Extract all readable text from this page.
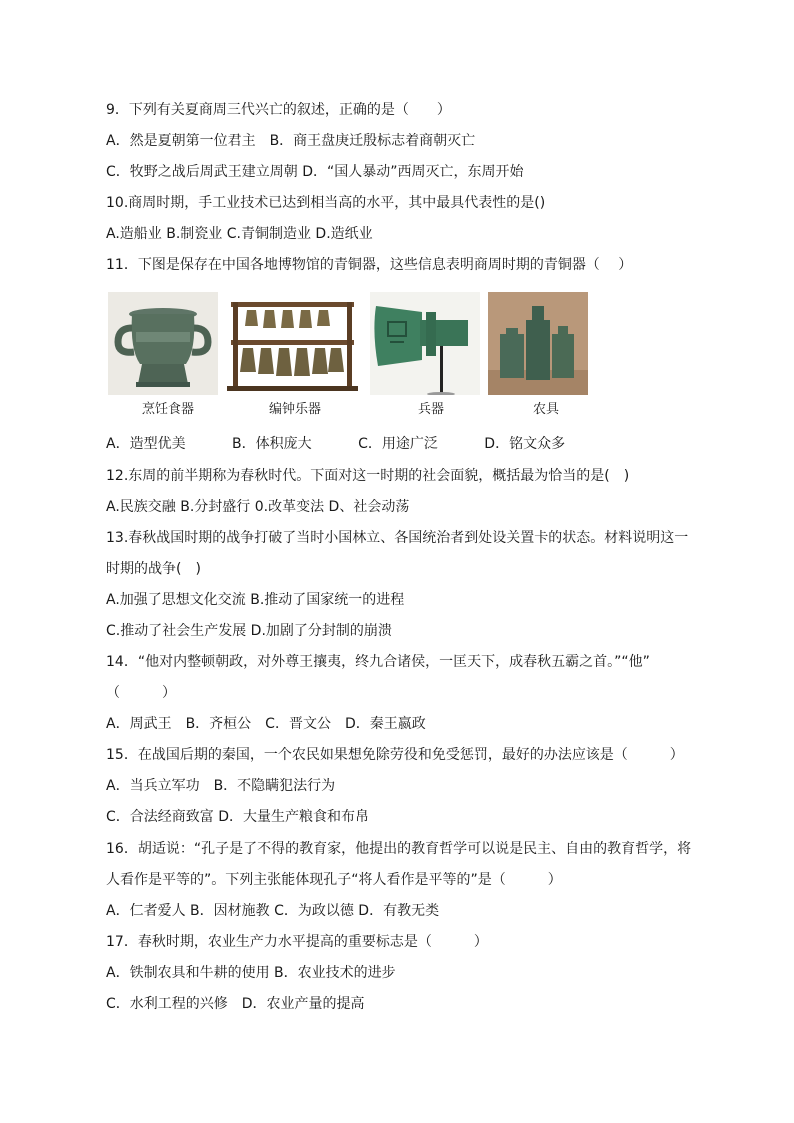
9．下列有关夏商周三代兴亡的叙述，正确的是（　　）
A．然是夏朝第一位君主　B．商王盘庚迁殷标志着商朝灭亡
C．牧野之战后周武王建立周朝 D．“国人暴动”西周灭亡，东周开始
10.商周时期，手工业技术已达到相当高的水平，其中最具代表性的是()
A.造船业 B.制瓷业 C.青铜制造业 D.造纸业
11．下图是保存在中国各地博物馆的青铜器，这些信息表明商周时期的青铜器（　 ）
烹饪食器	编钟乐器	兵器	农具
A．造型优美　　　 B．体积庞大　　　 C．用途广泛　　　 D．铭文众多
12.东周的前半期称为春秋时代。下面对这一时期的社会面貌，概括最为恰当的是(　)
A.民族交融 B.分封盛行 0.改革变法 D、社会动荡
13.春秋战国时期的战争打破了当时小国林立、各国统治者到处设关置卡的状态。材料说明这一
时期的战争(　)
A.加强了思想文化交流 B.推动了国家统一的进程
C.推动了社会生产发展 D.加剧了分封制的崩溃
14．“他对内整顿朝政，对外尊王攘夷，终九合诸侯，一匡天下，成春秋五霸之首。”“他”
（　　　）
A．周武王　B．齐桓公　C．晋文公　D．秦王嬴政
15．在战国后期的秦国，一个农民如果想免除劳役和免受惩罚，最好的办法应该是（　　　）
A．当兵立军功　B．不隐瞒犯法行为
C．合法经商致富 D．大量生产粮食和布帛
16．胡适说：“孔子是了不得的教育家，他提出的教育哲学可以说是民主、自由的教育哲学，将
人看作是平等的”。下列主张能体现孔子“将人看作是平等的”是（　　　）
A．仁者爱人 B．因材施教 C．为政以德 D．有教无类
17．春秋时期，农业生产力水平提高的重要标志是（　　　）
A．铁制农具和牛耕的使用 B．农业技术的进步
C．水利工程的兴修　D．农业产量的提高
